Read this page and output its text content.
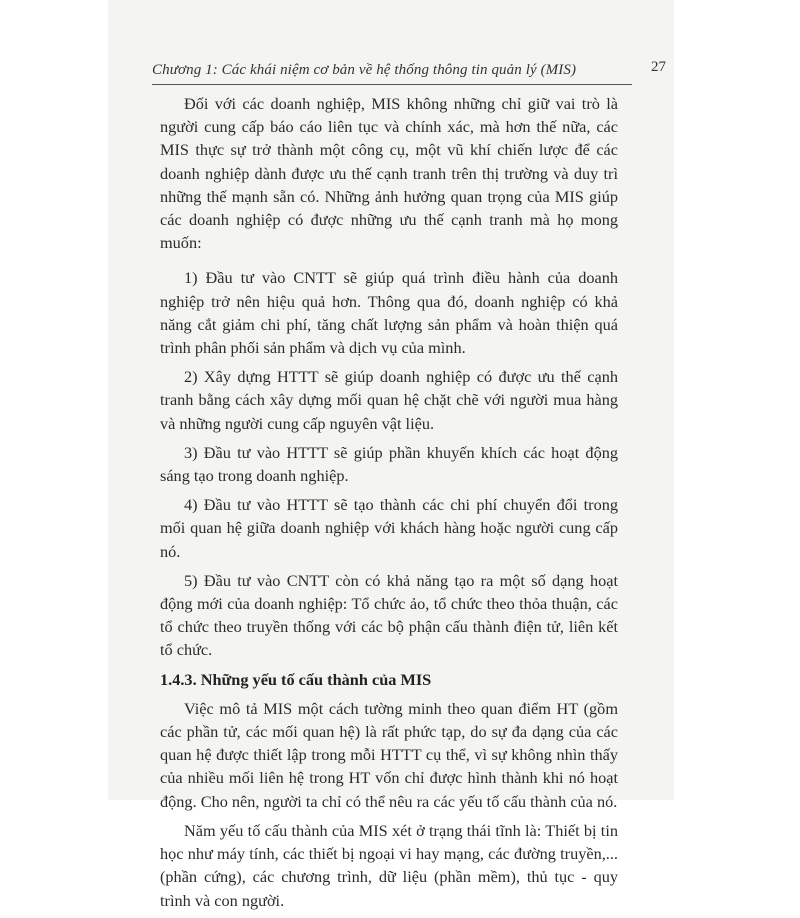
Chương 1: Các khái niệm cơ bản về hệ thống thông tin quản lý (MIS)	27

Đối với các doanh nghiệp, MIS không những chỉ giữ vai trò là người cung cấp báo cáo liên tục và chính xác, mà hơn thế nữa, các MIS thực sự trở thành một công cụ, một vũ khí chiến lược để các doanh nghiệp dành được ưu thế cạnh tranh trên thị trường và duy trì những thế mạnh sẵn có. Những ảnh hưởng quan trọng của MIS giúp các doanh nghiệp có được những ưu thế cạnh tranh mà họ mong muốn:

1) Đầu tư vào CNTT sẽ giúp quá trình điều hành của doanh nghiệp trở nên hiệu quả hơn. Thông qua đó, doanh nghiệp có khả năng cắt giảm chi phí, tăng chất lượng sản phẩm và hoàn thiện quá trình phân phối sản phẩm và dịch vụ của mình.

2) Xây dựng HTTT sẽ giúp doanh nghiệp có được ưu thế cạnh tranh bằng cách xây dựng mối quan hệ chặt chẽ với người mua hàng và những người cung cấp nguyên vật liệu.

3) Đầu tư vào HTTT sẽ giúp phần khuyến khích các hoạt động sáng tạo trong doanh nghiệp.

4) Đầu tư vào HTTT sẽ tạo thành các chi phí chuyển đổi trong mối quan hệ giữa doanh nghiệp với khách hàng hoặc người cung cấp nó.

5) Đầu tư vào CNTT còn có khả năng tạo ra một số dạng hoạt động mới của doanh nghiệp: Tổ chức ảo, tổ chức theo thỏa thuận, các tổ chức theo truyền thống với các bộ phận cấu thành điện tử, liên kết tổ chức.

1.4.3. Những yếu tố cấu thành của MIS

Việc mô tả MIS một cách tường minh theo quan điểm HT (gồm các phần tử, các mối quan hệ) là rất phức tạp, do sự đa dạng của các quan hệ được thiết lập trong mỗi HTTT cụ thể, vì sự không nhìn thấy của nhiều mối liên hệ trong HT vốn chỉ được hình thành khi nó hoạt động. Cho nên, người ta chỉ có thể nêu ra các yếu tố cấu thành của nó.

Năm yếu tố cấu thành của MIS xét ở trạng thái tĩnh là: Thiết bị tin học như máy tính, các thiết bị ngoại vi hay mạng, các đường truyền,... (phần cứng), các chương trình, dữ liệu (phần mềm), thủ tục - quy trình và con người.
